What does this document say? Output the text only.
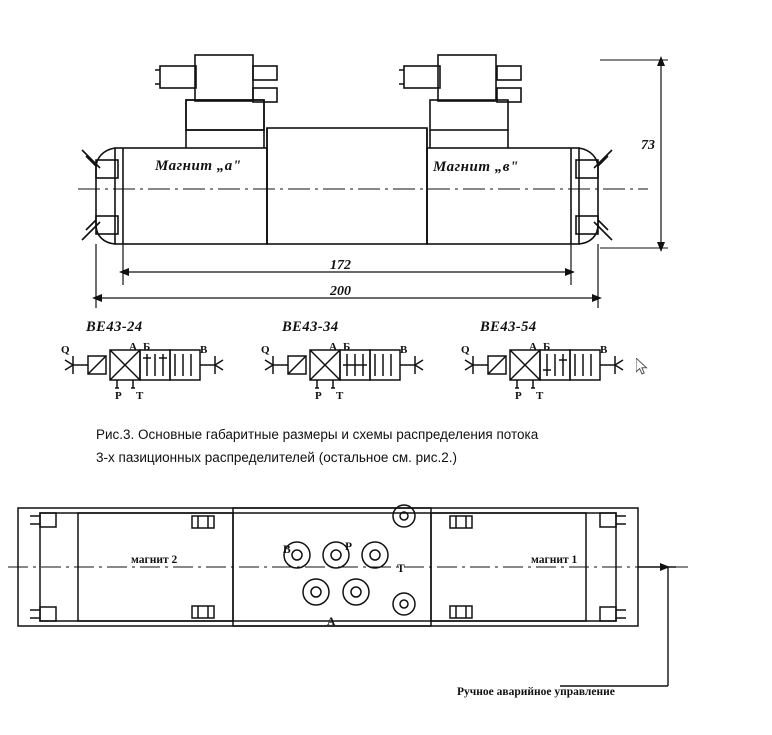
Магнит „а"	Магнит „в"
73
172
200
ВЕ43-24
Q	А Б	В
Р Т
ВЕ43-34
Q	А Б	В
Р Т
ВЕ43-54
Q	А Б	В
Р Т
Рис.3. Основные габаритные размеры и схемы распределения потока
3-х пазиционных распределителей (остальное см. рис.2.)
магнит 2	магнит 1
В	Р
Т
А
Ручное аварийное управление
